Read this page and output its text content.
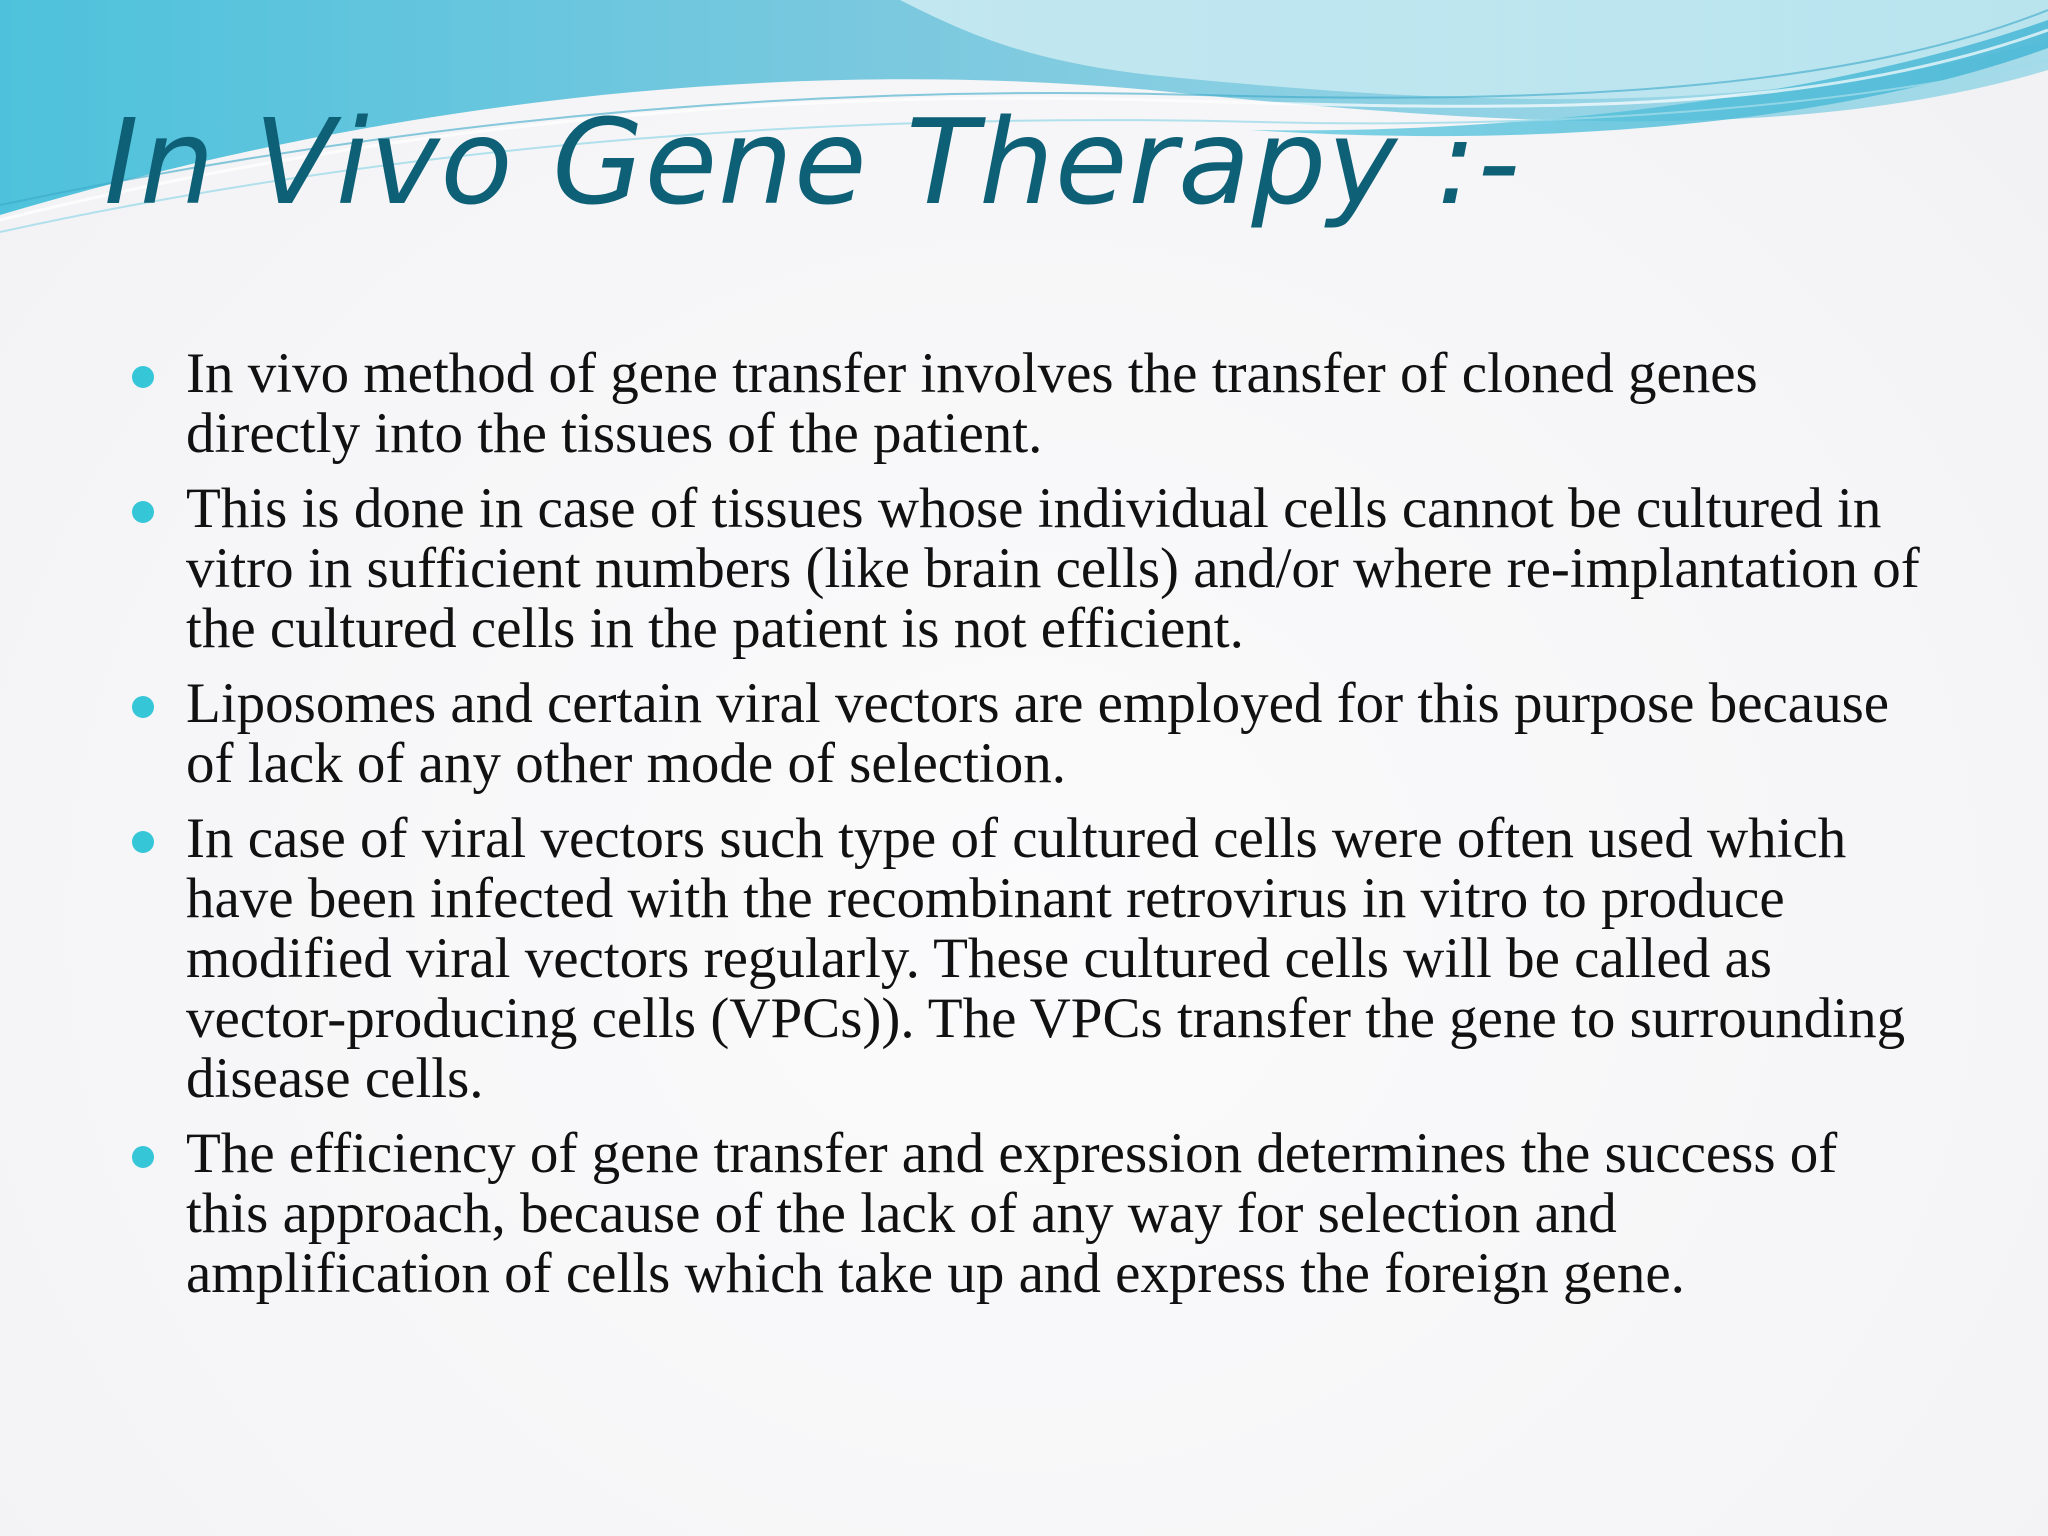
In Vivo Gene Therapy :-
In vivo method of gene transfer involves the transfer of cloned genes directly into the tissues of the patient.
This is done in case of tissues whose individual cells cannot be cultured in vitro in sufficient numbers (like brain cells) and/or where re-implantation of the cultured cells in the patient is not efficient.
Liposomes and certain viral vectors are employed for this purpose because of lack of any other mode of selection.
In case of viral vectors such type of cultured cells were often used which have been infected with the recombinant retrovirus in vitro to produce modified viral vectors regularly. These cultured cells will be called as vector-producing cells (VPCs)). The VPCs transfer the gene to surrounding disease cells.
The efficiency of gene transfer and expression determines the success of this approach, because of the lack of any way for selection and amplification of cells which take up and express the foreign gene.
